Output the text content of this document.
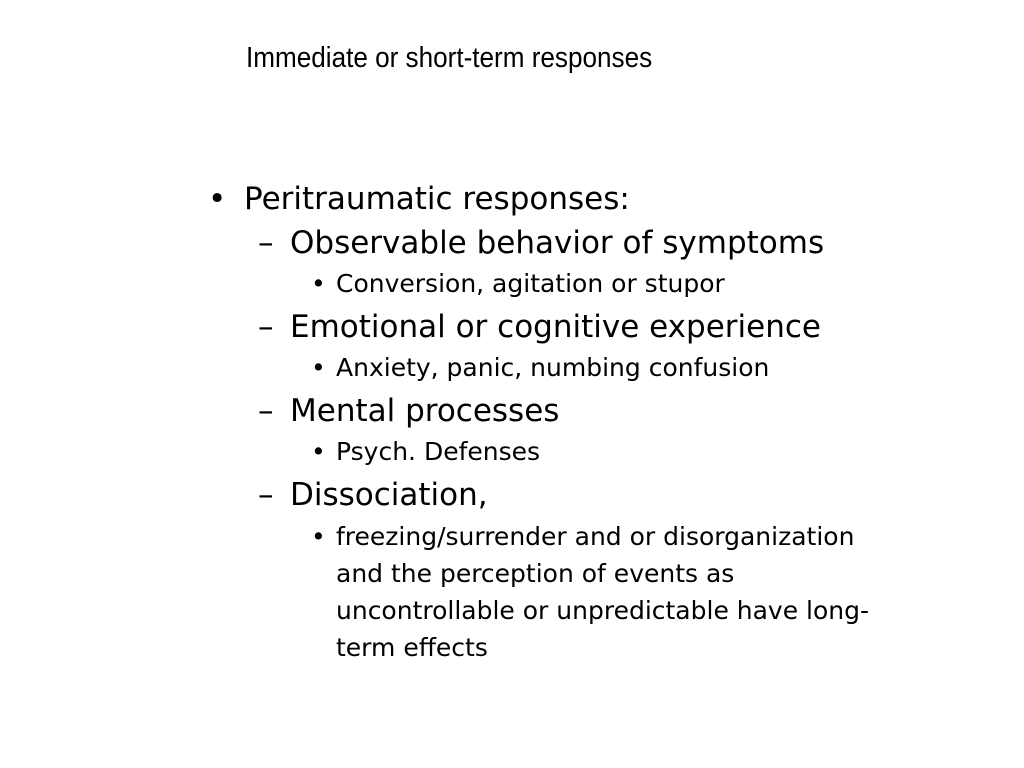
Immediate or short-term responses
• Peritraumatic responses:
– Observable behavior of symptoms
• Conversion, agitation or stupor
– Emotional or cognitive experience
• Anxiety, panic, numbing confusion
– Mental processes
• Psych. Defenses
– Dissociation,
• freezing/surrender and or disorganization
and the perception of events as
uncontrollable or unpredictable have long-
term effects
